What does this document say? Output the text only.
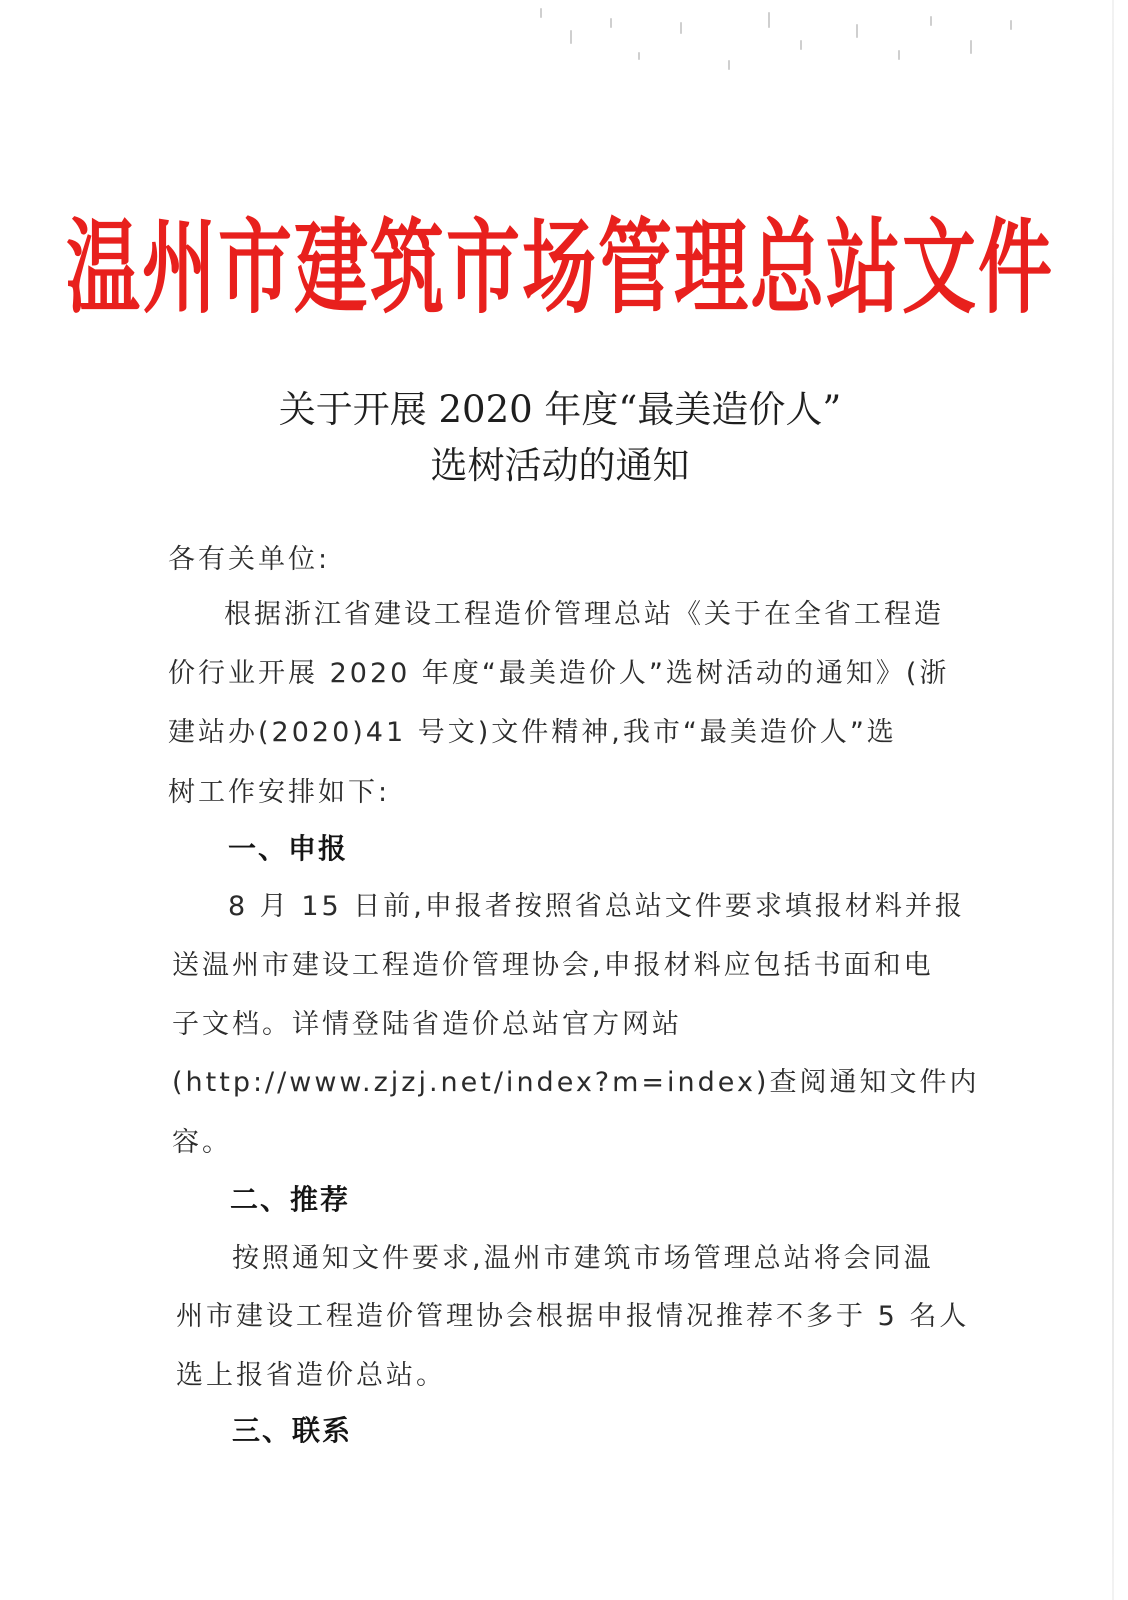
温州市建筑市场管理总站文件
关于开展 2020 年度“最美造价人”
选树活动的通知
各有关单位:
根据浙江省建设工程造价管理总站《关于在全省工程造
价行业开展 2020 年度“最美造价人”选树活动的通知》(浙
建站办(2020)41 号文)文件精神,我市“最美造价人”选
树工作安排如下:
8 月 15 日前,申报者按照省总站文件要求填报材料并报
送温州市建设工程造价管理协会,申报材料应包括书面和电
子文档。详情登陆省造价总站官方网站
(http://www.zjzj.net/index?m=index)查阅通知文件内
容。
按照通知文件要求,温州市建筑市场管理总站将会同温
州市建设工程造价管理协会根据申报情况推荐不多于 5 名人
选上报省造价总站。
一、申报
二、推荐
三、联系
